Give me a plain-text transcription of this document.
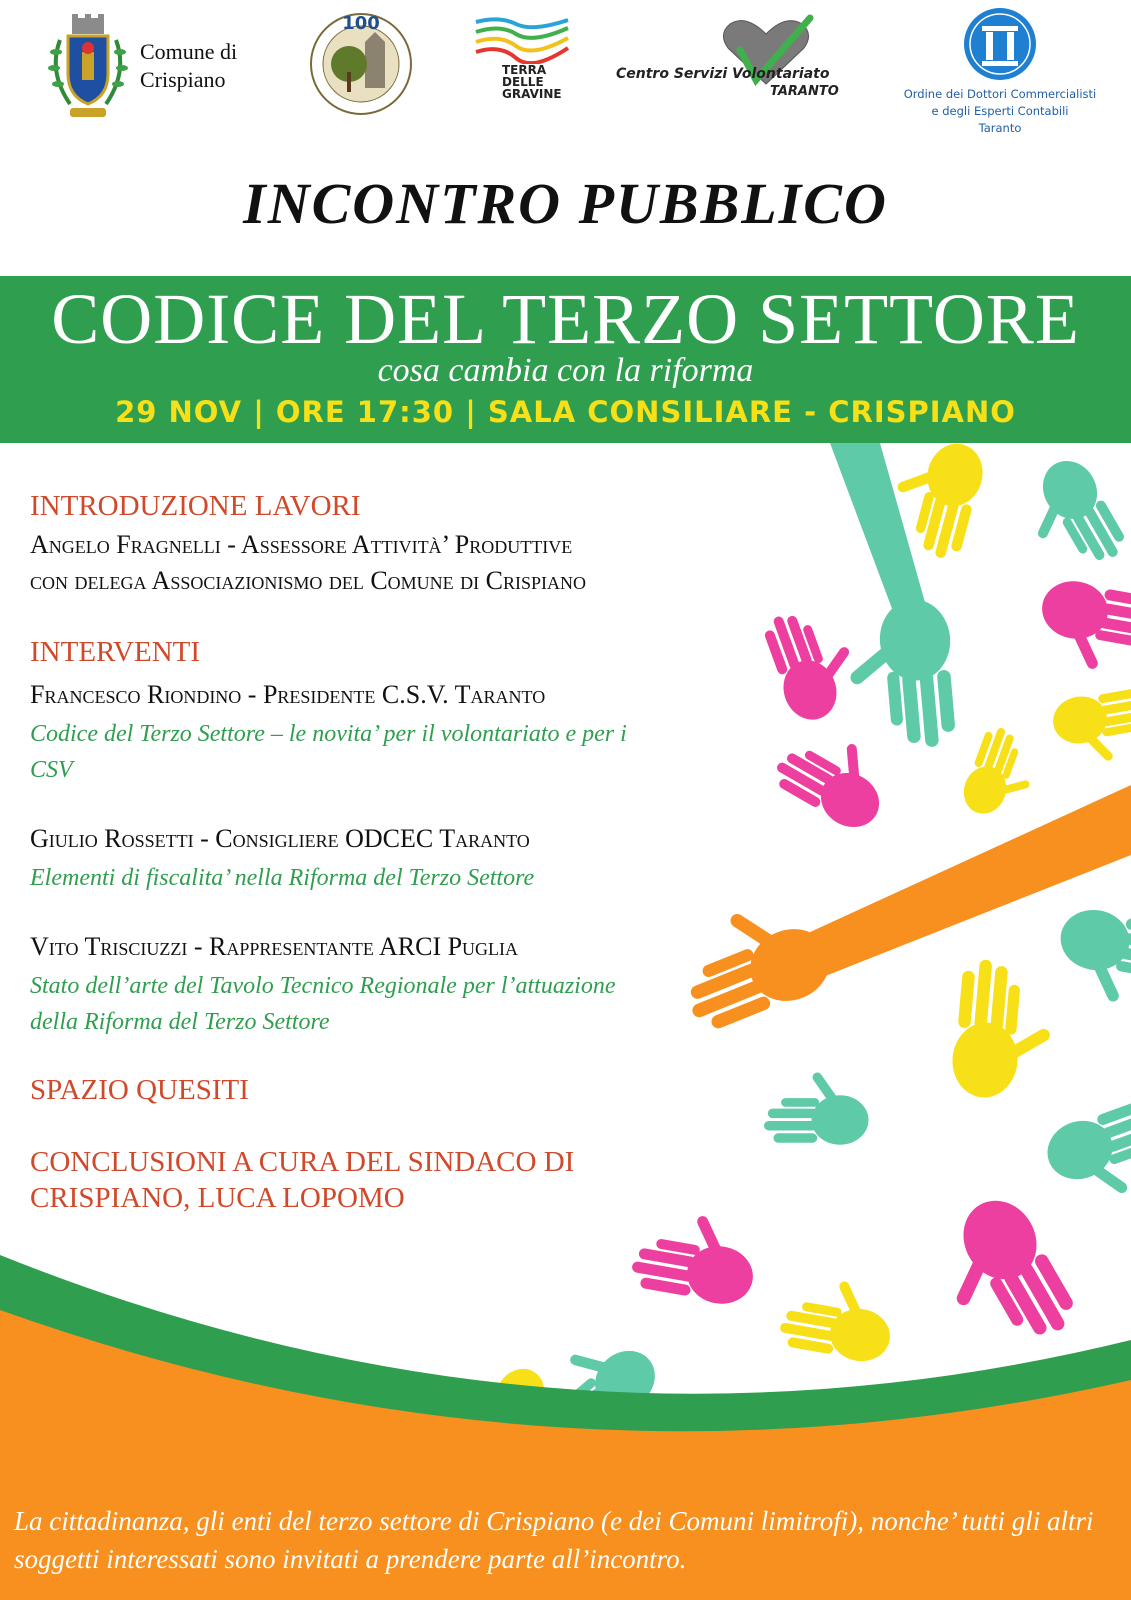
Comune di
Crispiano
100
TERRA
DELLE
GRAVINE
Centro Servizi Volontariato
TARANTO	Ordine dei Dottori Commercialisti
e degli Esperti Contabili
Taranto
INCONTRO PUBBLICO
CODICE DEL TERZO SETTORE
cosa cambia con la riforma
29 NOV | ORE 17:30 | SALA CONSILIARE - CRISPIANO
INTRODUZIONE LAVORI
Angelo Fragnelli - Assessore Attività’ Produttive
con delega Associazionismo del Comune di Crispiano
INTERVENTI
Francesco Riondino - Presidente C.S.V. Taranto
Codice del Terzo Settore – le novita’ per il volontariato e per i
CSV
Giulio Rossetti - Consigliere ODCEC Taranto
Elementi di fiscalita’ nella Riforma del Terzo Settore
Vito Trisciuzzi - Rappresentante ARCI Puglia
Stato dell’arte del Tavolo Tecnico Regionale per l’attuazione
della Riforma del Terzo Settore
SPAZIO QUESITI
CONCLUSIONI A CURA DEL SINDACO DI
CRISPIANO, LUCA LOPOMO
La cittadinanza, gli enti del terzo settore di Crispiano (e dei Comuni limitrofi), nonche’ tutti gli altri soggetti interessati sono invitati a prendere parte all’incontro.
